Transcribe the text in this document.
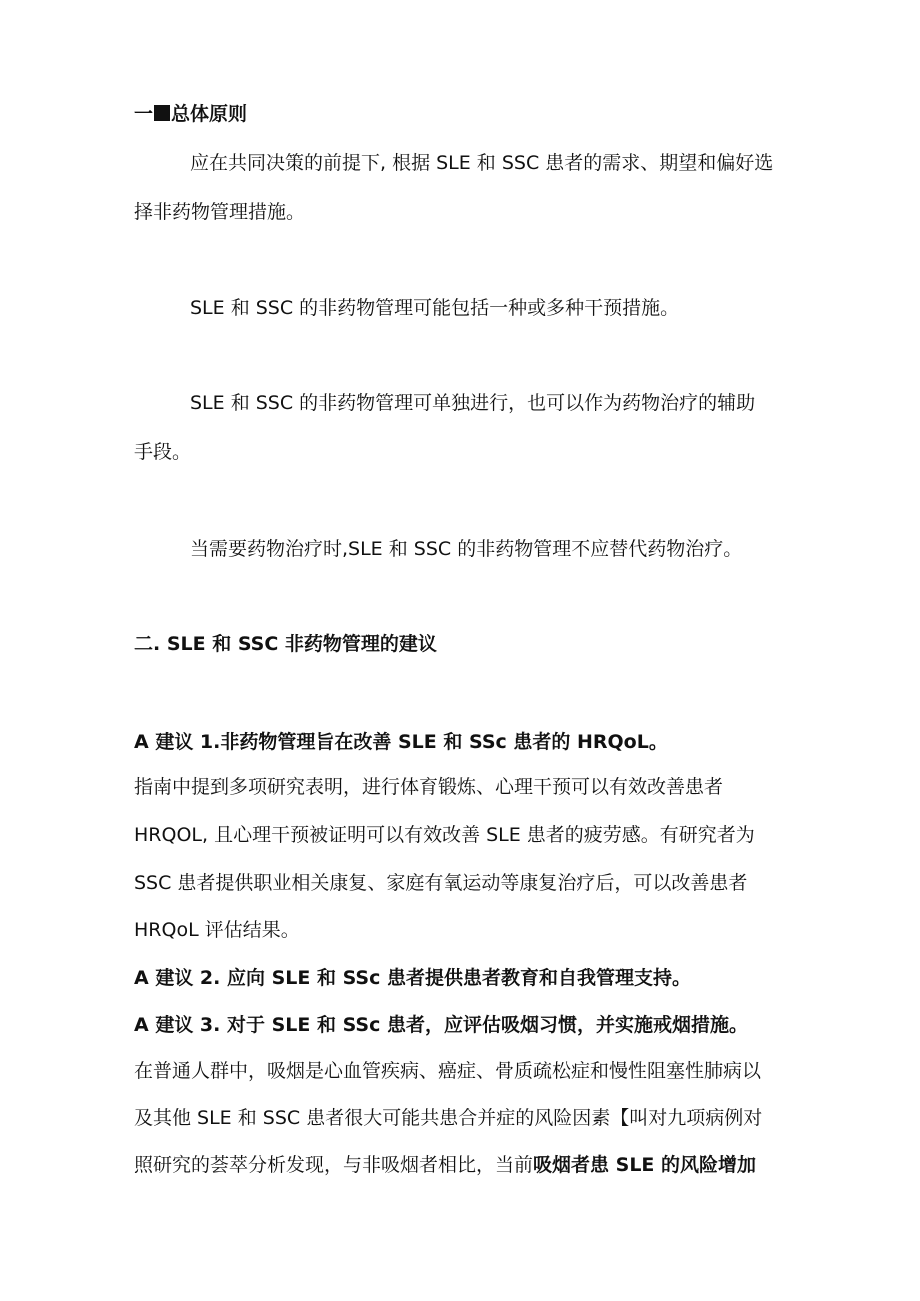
一 总体原则
应在共同决策的前提下, 根据 SLE 和 SSC 患者的需求、期望和偏好选
择非药物管理措施。
SLE 和 SSC 的非药物管理可能包括一种或多种干预措施。
SLE 和 SSC 的非药物管理可单独进行，也可以作为药物治疗的辅助
手段。
当需要药物治疗时,SLE 和 SSC 的非药物管理不应替代药物治疗。
二. SLE 和 SSC 非药物管理的建议
A 建议 1.非药物管理旨在改善 SLE 和 SSc 患者的 HRQoL。
指南中提到多项研究表明，进行体育锻炼、心理干预可以有效改善患者
HRQOL, 且心理干预被证明可以有效改善 SLE 患者的疲劳感。有研究者为
SSC 患者提供职业相关康复、家庭有氧运动等康复治疗后，可以改善患者
HRQoL 评估结果。
A 建议 2. 应向 SLE 和 SSc 患者提供患者教育和自我管理支持。
A 建议 3. 对于 SLE 和 SSc 患者，应评估吸烟习惯，并实施戒烟措施。
在普通人群中，吸烟是心血管疾病、癌症、骨质疏松症和慢性阻塞性肺病以
及其他 SLE 和 SSC 患者很大可能共患合并症的风险因素【叫对九项病例对
照研究的荟萃分析发现，与非吸烟者相比，当前吸烟者患 SLE 的风险增加
